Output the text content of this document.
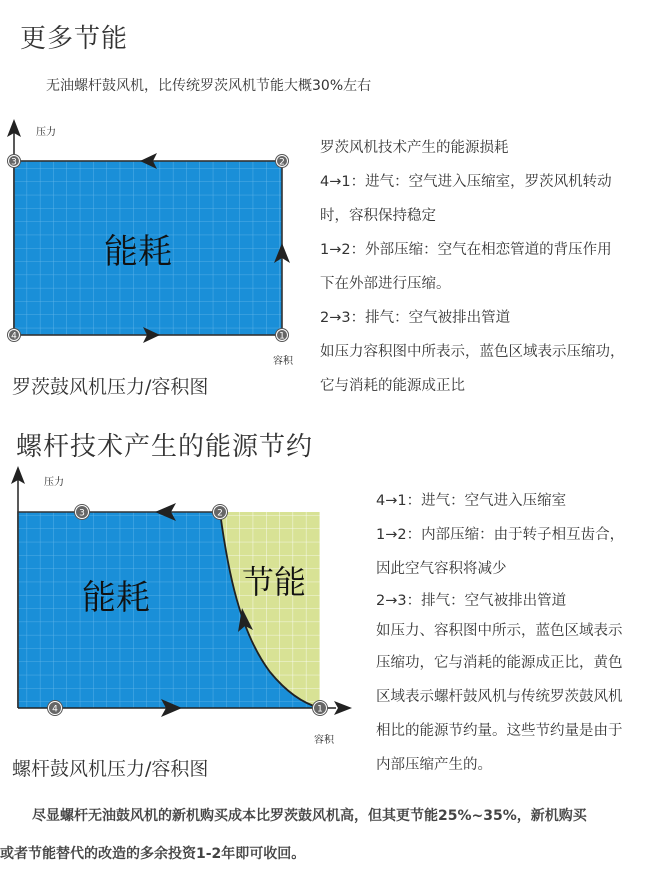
更多节能
无油螺杆鼓风机，比传统罗茨风机节能大概30%左右
1
2
3
4
压力
容积
能耗
罗茨鼓风机压力/容积图
罗茨风机技术产生的能源损耗
4→1：进气：空气进入压缩室，罗茨风机转动
时，容积保持稳定
1→2：外部压缩：空气在相恋管道的背压作用
下在外部进行压缩。
2→3：排气：空气被排出管道
如压力容积图中所表示，蓝色区域表示压缩功，
它与消耗的能源成正比
螺杆技术产生的能源节约
1
2
3
4
压力
容积
能耗	节能
螺杆鼓风机压力/容积图
4→1：进气：空气进入压缩室
1→2：内部压缩：由于转子相互齿合，
因此空气容积将减少
2→3：排气：空气被排出管道
如压力、容积图中所示，蓝色区域表示
压缩功，它与消耗的能源成正比，黄色
区域表示螺杆鼓风机与传统罗茨鼓风机
相比的能源节约量。这些节约量是由于
内部压缩产生的。
尽显螺杆无油鼓风机的新机购买成本比罗茨鼓风机高，但其更节能25%~35%，新机购买
或者节能替代的改造的多余投资1-2年即可收回。
